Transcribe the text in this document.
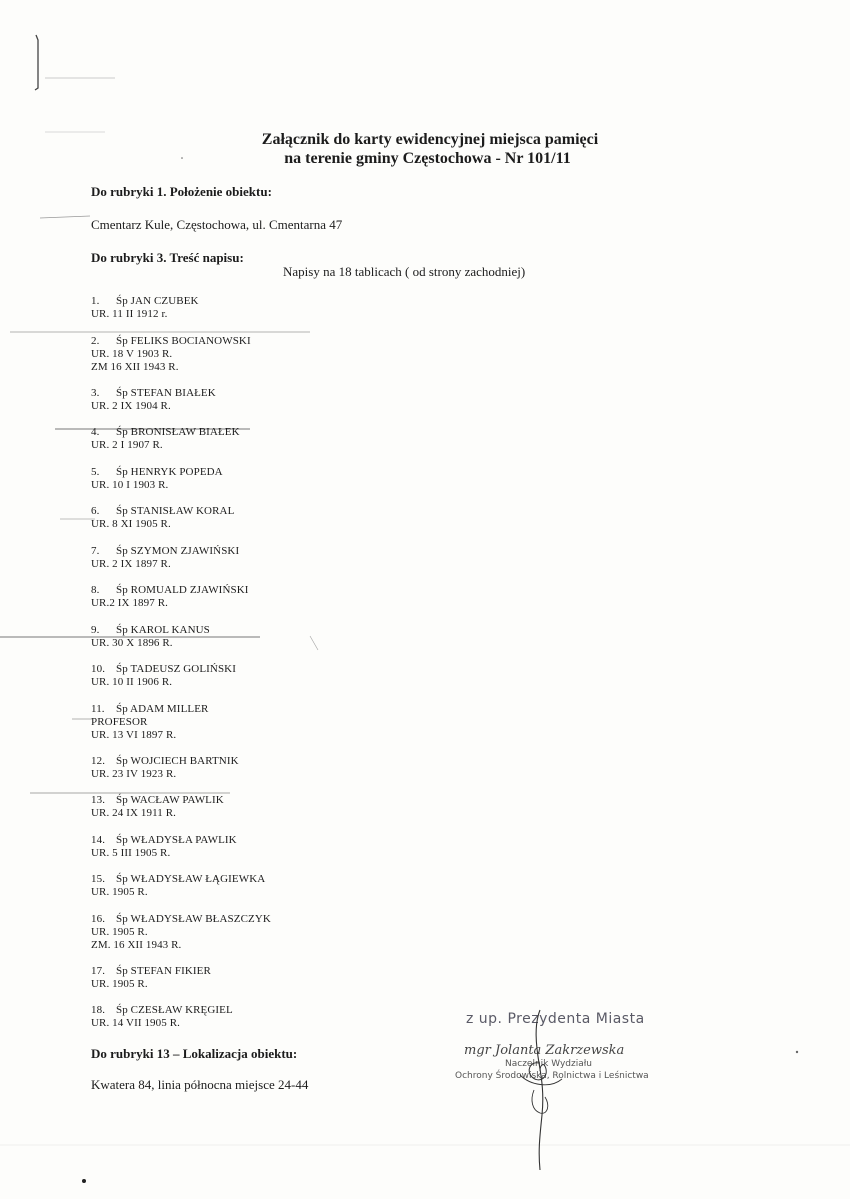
Załącznik do karty ewidencyjnej miejsca pamięci
na terenie gminy Częstochowa - Nr 101/11
Do rubryki 1. Położenie obiektu:
Cmentarz Kule, Częstochowa, ul. Cmentarna 47
Do rubryki 3. Treść napisu:
Napisy na 18 tablicach ( od strony zachodniej)
1. Śp JAN CZUBEK
UR. 11 II 1912 r.
2. Śp FELIKS BOCIANOWSKI
UR. 18 V 1903 R.
ZM 16 XII 1943 R.
3. Śp STEFAN BIAŁEK
UR. 2 IX 1904 R.
4. Śp BRONISŁAW BIAŁEK
UR. 2 I 1907 R.
5. Śp HENRYK POPEDA
UR. 10 I 1903 R.
6. Śp STANISŁAW KORAL
UR. 8 XI 1905 R.
7. Śp SZYMON ZJAWIŃSKI
UR. 2 IX 1897 R.
8. Śp ROMUALD ZJAWIŃSKI
UR.2 IX 1897 R.
9. Śp KAROL KANUS
UR. 30 X 1896 R.
10. Śp TADEUSZ GOLIŃSKI
UR. 10 II 1906 R.
11. Śp ADAM MILLER
PROFESOR
UR. 13 VI 1897 R.
12. Śp WOJCIECH BARTNIK
UR. 23 IV 1923 R.
13. Śp WACŁAW PAWLIK
UR. 24 IX 1911 R.
14. Śp WŁADYSŁA PAWLIK
UR. 5 III 1905 R.
15. Śp WŁADYSŁAW ŁĄGIEWKA
UR. 1905 R.
16. Śp WŁADYSŁAW BŁASZCZYK
UR. 1905 R.
ZM. 16 XII 1943 R.
17. Śp STEFAN FIKIER
UR. 1905 R.
18. Śp CZESŁAW KRĘGIEL
UR. 14 VII 1905 R.
Do rubryki 13 – Lokalizacja obiektu:
Kwatera 84, linia północna miejsce 24-44
z up. Prezydenta Miasta
mgr Jolanta Zakrzewska
Naczelnik Wydziału
Ochrony Środowiska, Rolnictwa i Leśnictwa
